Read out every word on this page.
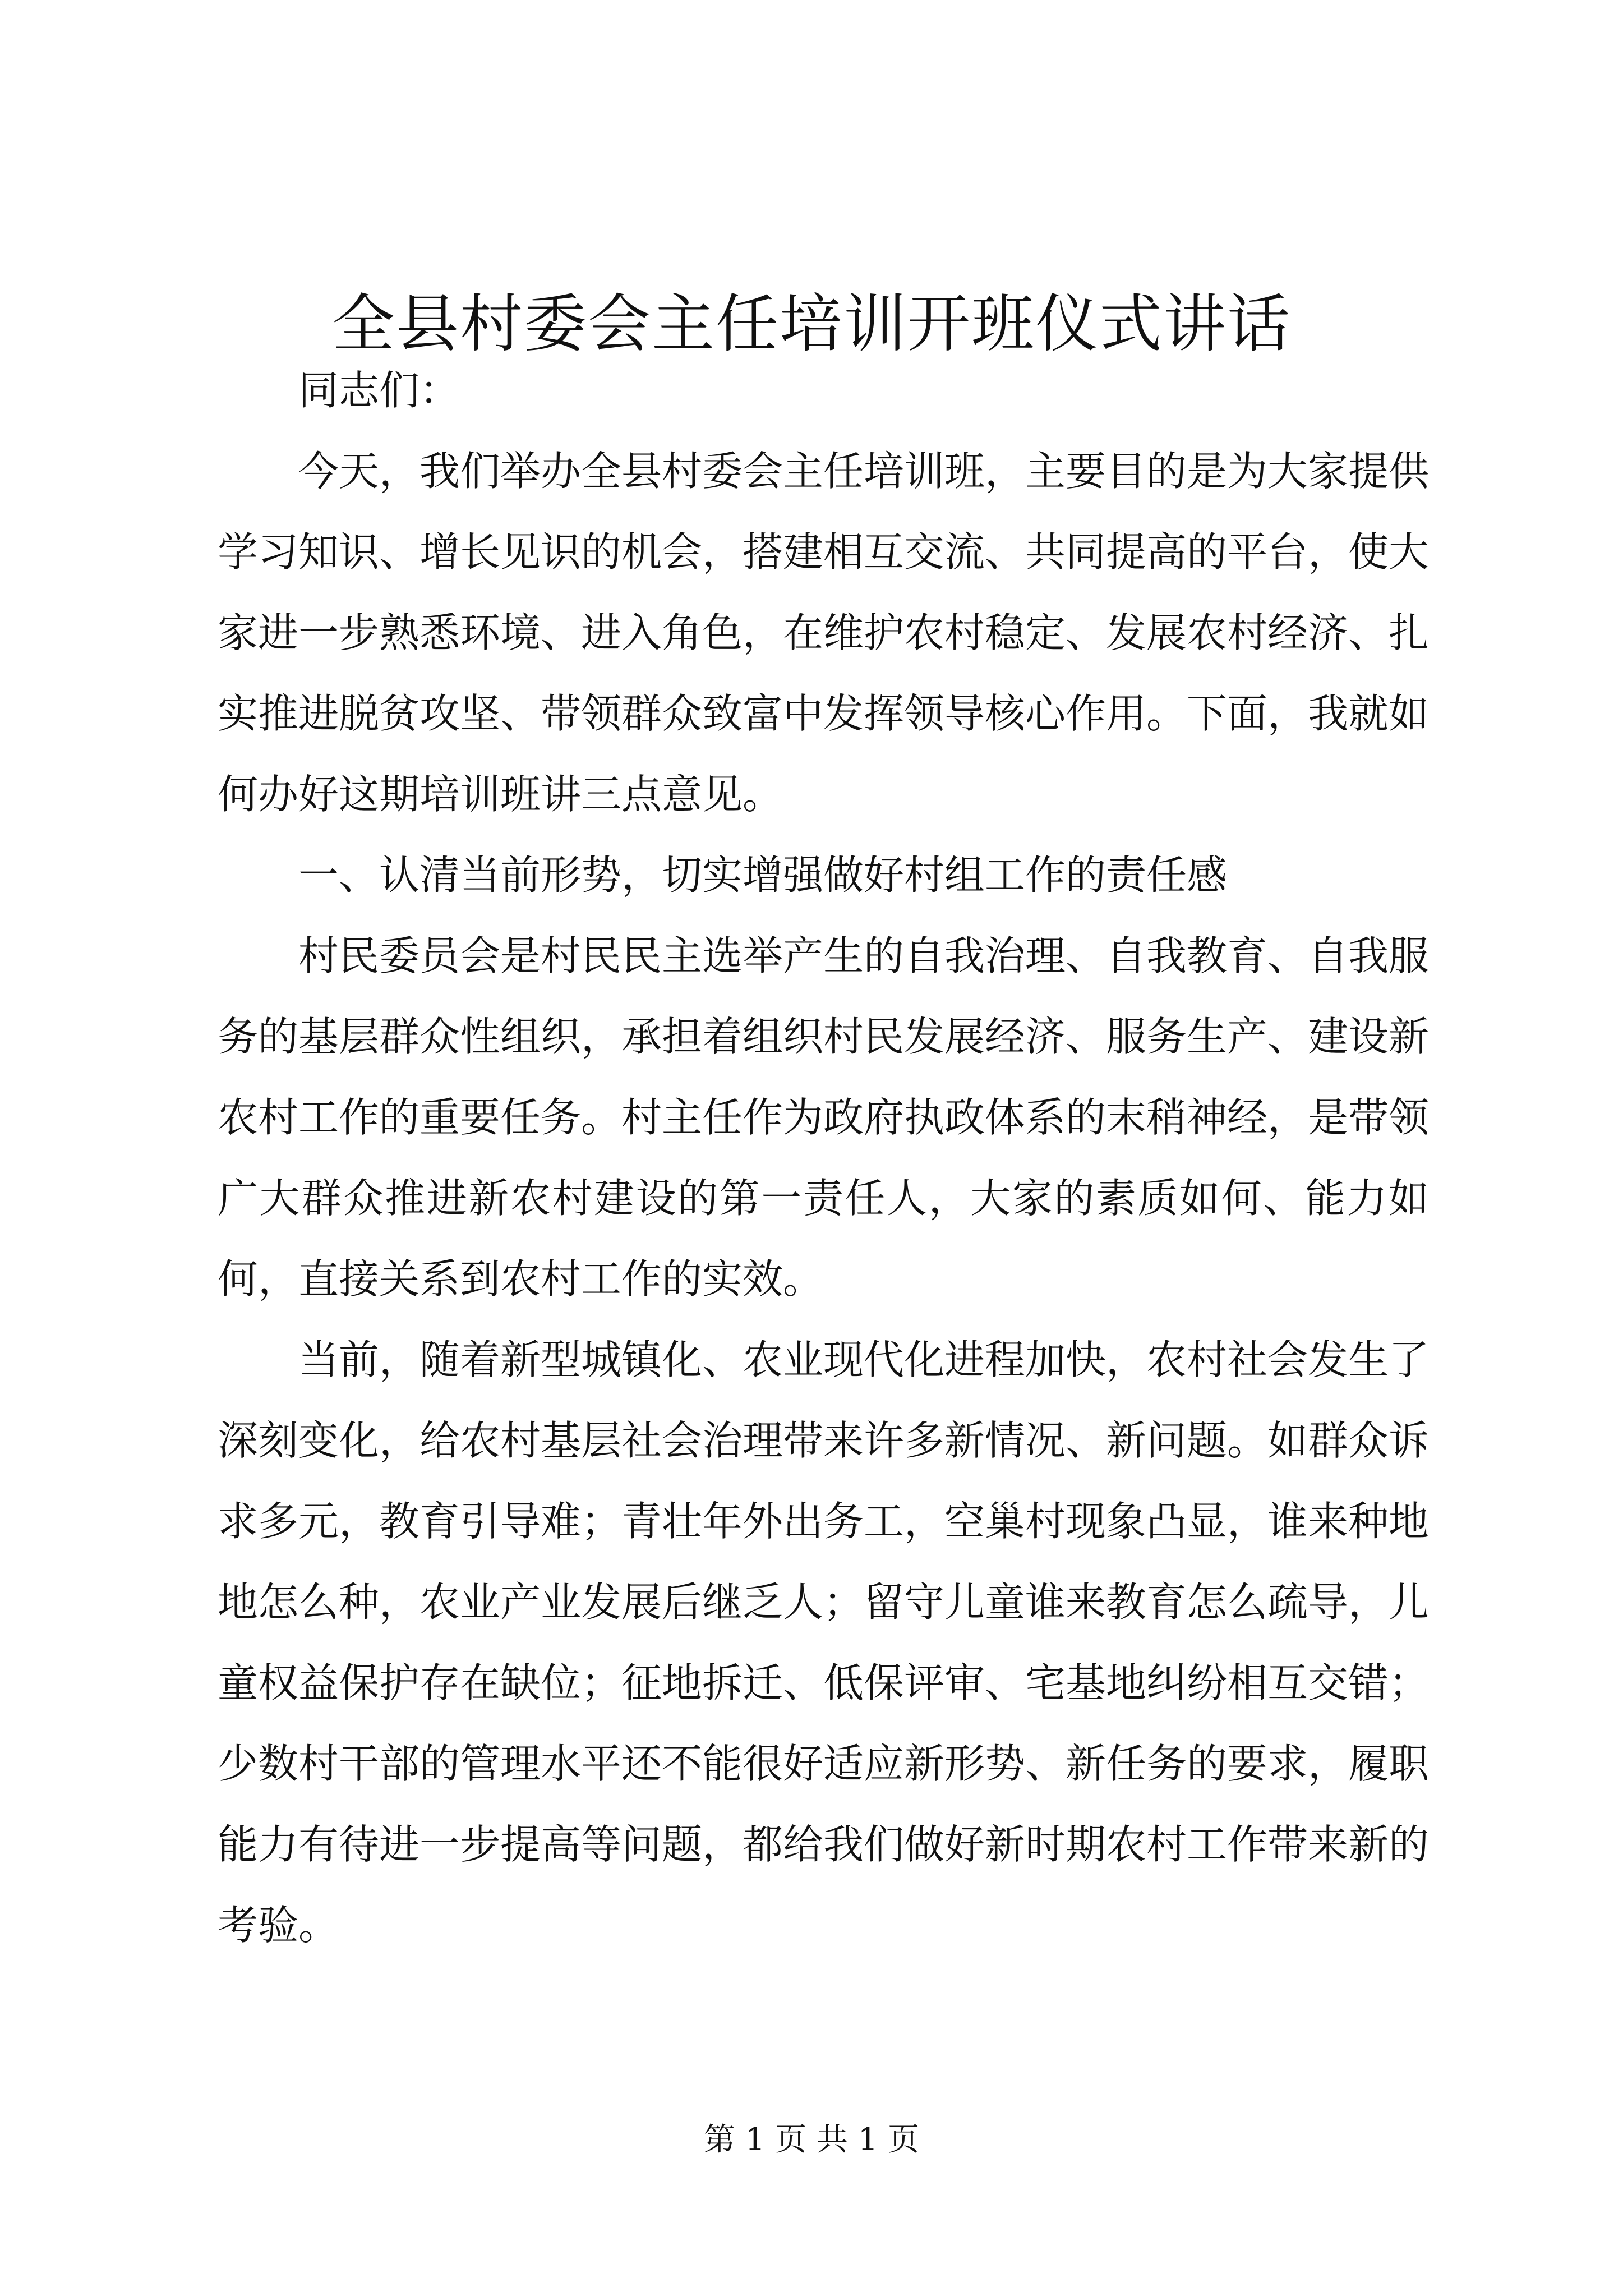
全县村委会主任培训开班仪式讲话

同志们：

今天，我们举办全县村委会主任培训班，主要目的是为大家提供学习知识、增长见识的机会，搭建相互交流、共同提高的平台，使大家进一步熟悉环境、进入角色，在维护农村稳定、发展农村经济、扎实推进脱贫攻坚、带领群众致富中发挥领导核心作用。下面，我就如何办好这期培训班讲三点意见。

一、认清当前形势，切实增强做好村组工作的责任感

村民委员会是村民民主选举产生的自我治理、自我教育、自我服务的基层群众性组织，承担着组织村民发展经济、服务生产、建设新农村工作的重要任务。村主任作为政府执政体系的末稍神经，是带领广大群众推进新农村建设的第一责任人，大家的素质如何、能力如何，直接关系到农村工作的实效。

当前，随着新型城镇化、农业现代化进程加快，农村社会发生了深刻变化，给农村基层社会治理带来许多新情况、新问题。如群众诉求多元，教育引导难；青壮年外出务工，空巢村现象凸显，谁来种地地怎么种，农业产业发展后继乏人；留守儿童谁来教育怎么疏导，儿童权益保护存在缺位；征地拆迁、低保评审、宅基地纠纷相互交错；少数村干部的管理水平还不能很好适应新形势、新任务的要求，履职能力有待进一步提高等问题，都给我们做好新时期农村工作带来新的考验。

第 1 页 共 1 页
